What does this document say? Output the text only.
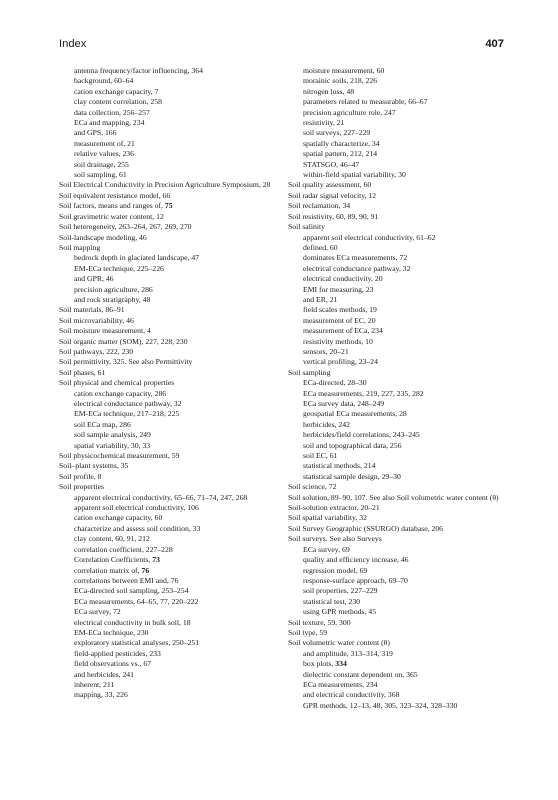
Index	407

antenna frequency/factor influencing, 364

background, 60–64

cation exchange capacity, 7

clay content correlation, 258

data collection, 256–257

ECa and mapping, 234

and GPS, 166

measurement of, 21

relative values, 236

soil drainage, 255

soil sampling, 61

Soil Electrical Conductivity in Precision Agriculture Symposium, 28

Soil equivalent resistance model, 66

Soil factors, means and ranges of, 75

Soil gravimetric water content, 12

Soil heterogeneity, 263–264, 267, 269, 270

Soil-landscape modeling, 46

Soil mapping

bedrock depth in glaciated landscape, 47

EM-ECa technique, 225–226

and GPR, 46

precision agriculture, 286

and rock stratigraphy, 48

Soil materials, 86–91

Soil microvariability, 46

Soil moisture measurement, 4

Soil organic matter (SOM), 227, 228, 230

Soil pathways, 222, 230

Soil permittivity, 325. See also Permittivity

Soil phases, 61

Soil physical and chemical properties

cation exchange capacity, 286

electrical conductance pathway, 32

EM-ECa technique, 217–218, 225

soil ECa map, 286

soil sample analysis, 249

spatial variability, 30, 33

Soil physicochemical measurement, 59

Soil–plant systems, 35

Soil profile, 8

Soil properties

apparent electrical conductivity, 65–66, 71–74, 247, 268

apparent soil electrical conductivity, 106

cation exchange capacity, 60

characterize and assess soil condition, 33

clay content, 60, 91, 212

correlation coefficient, 227–228

Correlation Coefficients, 73

correlation matrix of, 76

correlations between EMI and, 76

ECa-directed soil sampling, 253–254

ECa measurements, 64–65, 77, 220–222

ECa survey, 72

electrical conductivity in bulk soil, 18

EM-ECa technique, 230

exploratory statistical analyses, 250–251

field-applied pesticides, 233

field observations vs., 67

and herbicides, 241

inherent, 211

mapping, 33, 226

moisture measurement, 60

morainic soils, 218, 226

nitrogen loss, 48

parameters related to measurable, 66–67

precision agriculture role, 247

resistivity, 21

soil surveys, 227–229

spatially characterize, 34

spatial pattern, 212, 214

STATSGO, 46–47

within-field spatial variability, 30

Soil quality assessment, 60

Soil radar signal velocity, 12

Soil reclamation, 34

Soil resistivity, 60, 89, 90, 91

Soil salinity

apparent soil electrical conductivity, 61–62

defined, 60

dominates ECa measurements, 72

electrical conductance pathway, 32

electrical conductivity, 20

EMI for measuring, 23

and ER, 21

field scales methods, 19

measurement of EC, 20

measurement of ECa, 234

resistivity methods, 10

sensors, 20–21

vertical profiling, 23–24

Soil sampling

ECa-directed, 28–30

ECa measurements, 219, 227, 235, 282

ECa survey data, 248–249

geospatial ECa measurements, 28

herbicides, 242

herbicides/field correlations, 243–245

soil and topographical data, 256

soil EC, 61

statistical methods, 214

statistical sample design, 29–30

Soil science, 72

Soil solution, 89–90, 107. See also Soil volumetric water content (θ)

Soil-solution extractor, 20–21

Soil spatial variability, 32

Soil Survey Geographic (SSURGO) database, 206

Soil surveys. See also Surveys

ECa survey, 69

quality and efficiency increase, 46

regression model, 69

response-surface approach, 69–70

soil properties, 227–229

statistical test, 230

using GPR methods, 45

Soil texture, 59, 300

Soil type, 59

Soil volumetric water content (θ)

and amplitude, 313–314, 319

box plots, 334

dielectric constant dependent on, 365

ECa measurements, 234

and electrical conductivity, 368

GPR methods, 12–13, 48, 305, 323–324, 328–330
